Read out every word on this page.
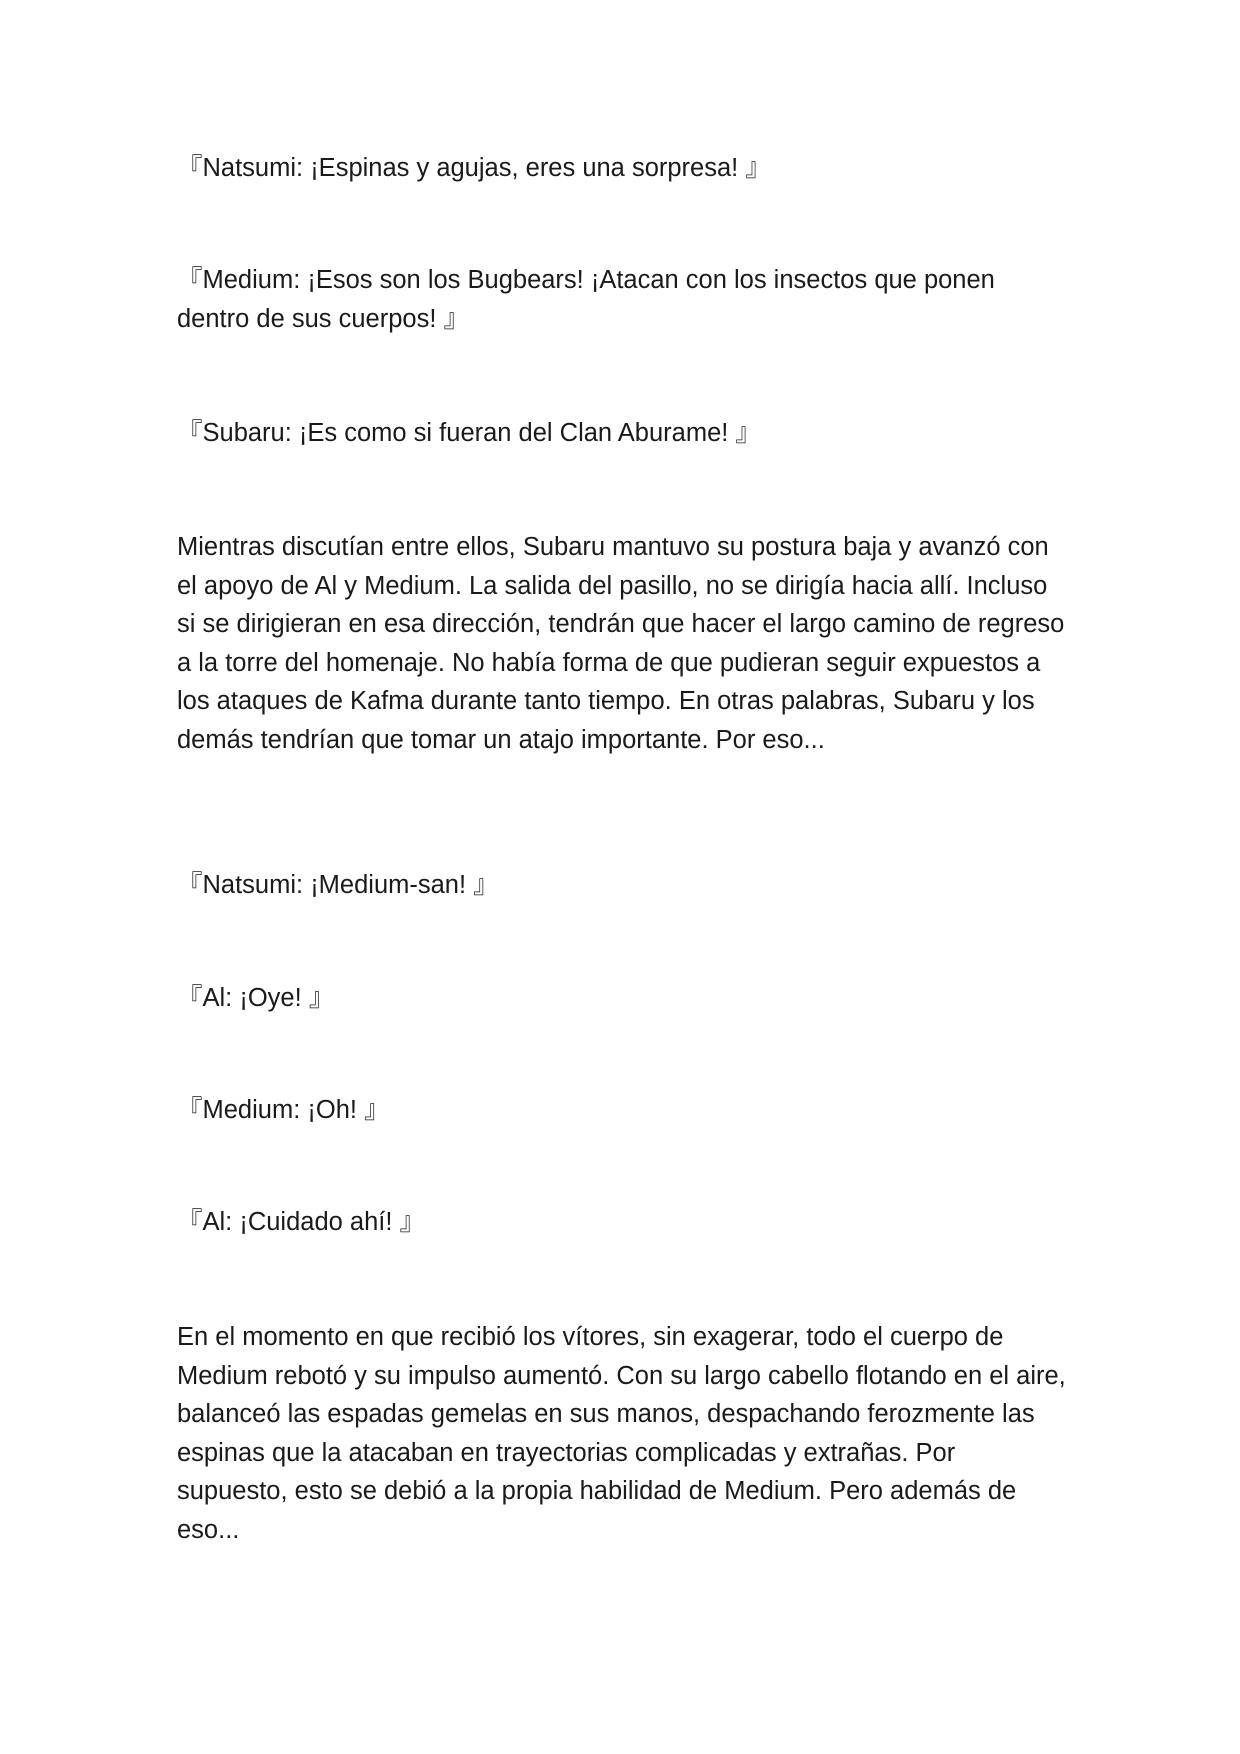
『Natsumi: ¡Espinas y agujas, eres una sorpresa! 』

『Medium: ¡Esos son los Bugbears! ¡Atacan con los insectos que ponen dentro de sus cuerpos! 』

『Subaru: ¡Es como si fueran del Clan Aburame! 』

Mientras discutían entre ellos, Subaru mantuvo su postura baja y avanzó con el apoyo de Al y Medium. La salida del pasillo, no se dirigía hacia allí. Incluso si se dirigieran en esa dirección, tendrán que hacer el largo camino de regreso a la torre del homenaje. No había forma de que pudieran seguir expuestos a los ataques de Kafma durante tanto tiempo. En otras palabras, Subaru y los demás tendrían que tomar un atajo importante. Por eso...

『Natsumi: ¡Medium-san! 』

『Al: ¡Oye! 』

『Medium: ¡Oh! 』

『Al: ¡Cuidado ahí! 』

En el momento en que recibió los vítores, sin exagerar, todo el cuerpo de Medium rebotó y su impulso aumentó. Con su largo cabello flotando en el aire, balanceó las espadas gemelas en sus manos, despachando ferozmente las espinas que la atacaban en trayectorias complicadas y extrañas. Por supuesto, esto se debió a la propia habilidad de Medium. Pero además de eso...
